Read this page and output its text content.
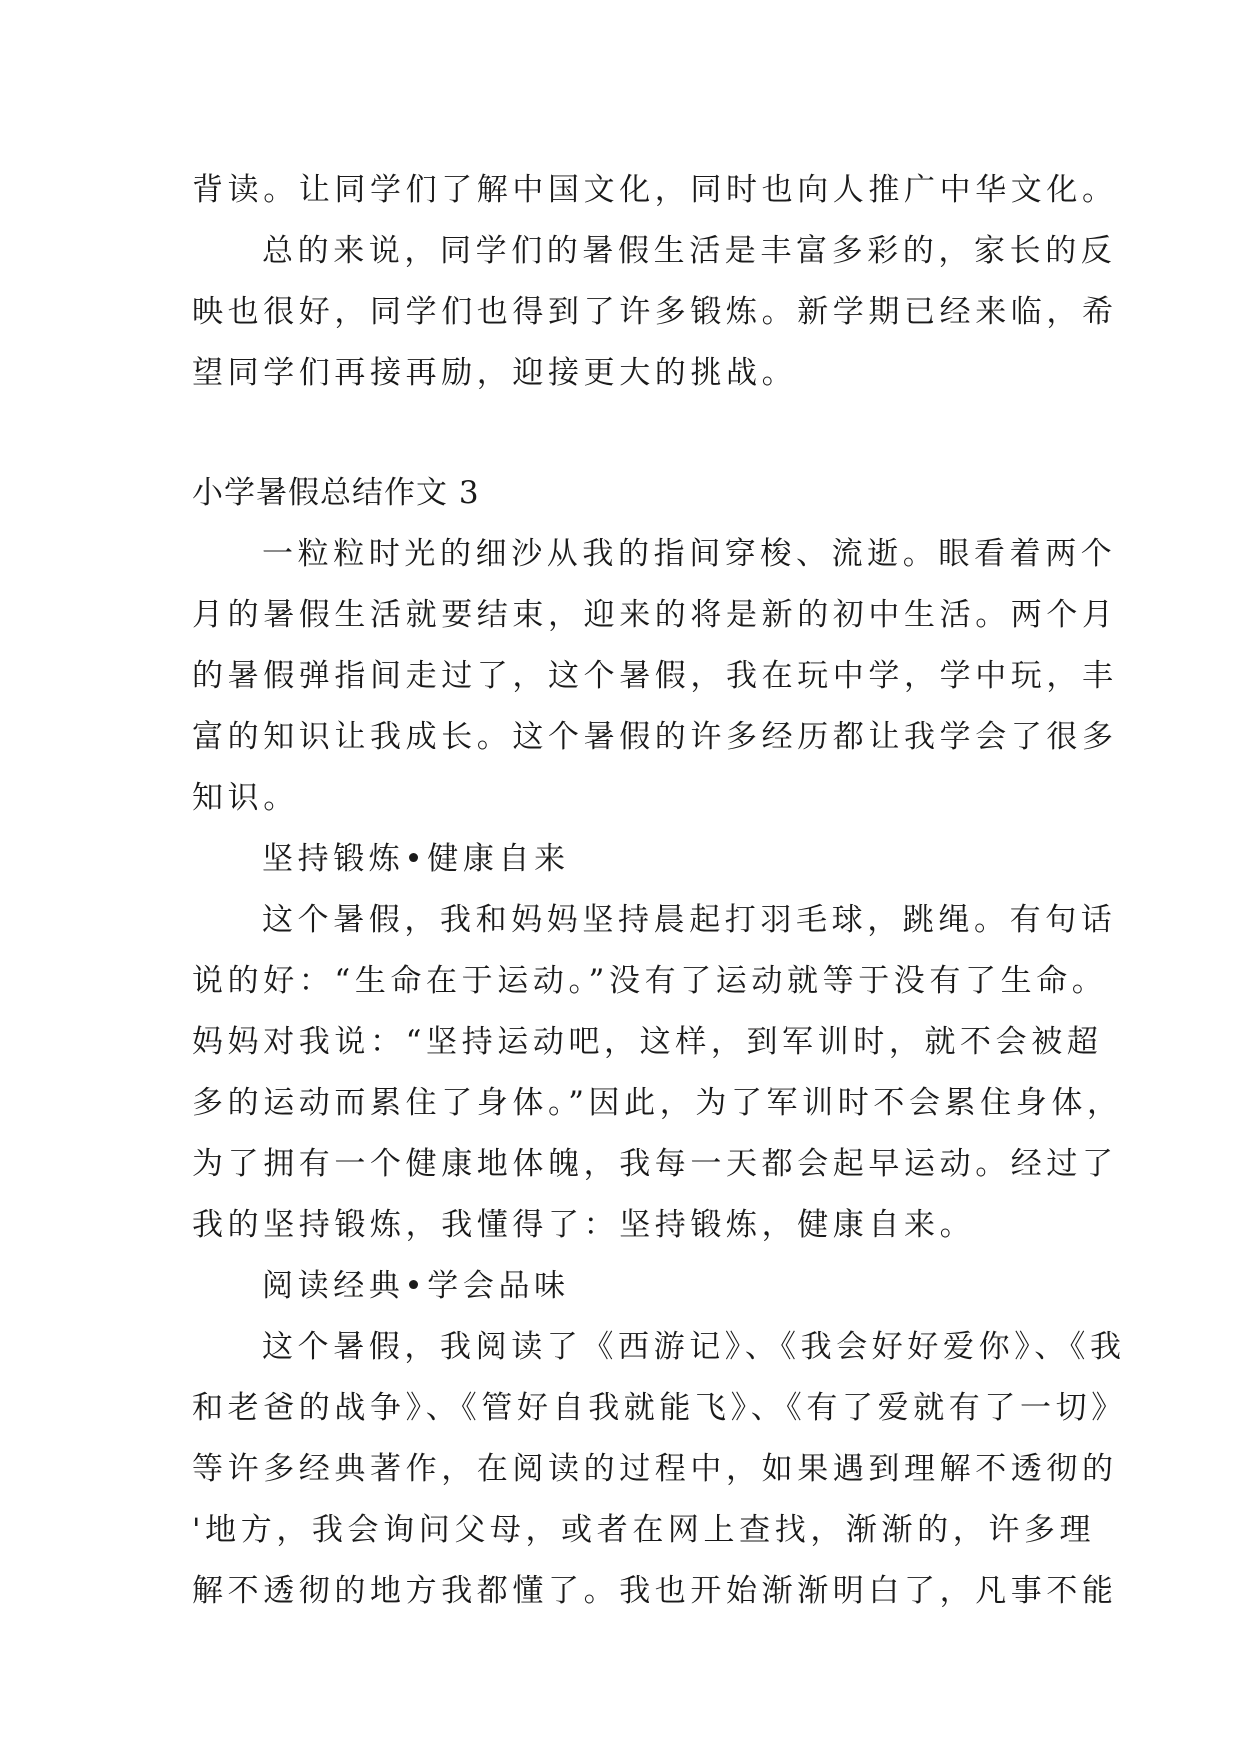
背读。让同学们了解中国文化，同时也向人推广中华文化。

总的来说，同学们的暑假生活是丰富多彩的，家长的反
映也很好，同学们也得到了许多锻炼。新学期已经来临，希
望同学们再接再励，迎接更大的挑战。

小学暑假总结作文 3

一粒粒时光的细沙从我的指间穿梭、流逝。眼看着两个
月的暑假生活就要结束，迎来的将是新的初中生活。两个月
的暑假弹指间走过了，这个暑假，我在玩中学，学中玩，丰
富的知识让我成长。这个暑假的许多经历都让我学会了很多
知识。

坚持锻炼•健康自来

这个暑假，我和妈妈坚持晨起打羽毛球，跳绳。有句话
说的好：“生命在于运动。”没有了运动就等于没有了生命。
妈妈对我说：“坚持运动吧，这样，到军训时，就不会被超
多的运动而累住了身体。”因此，为了军训时不会累住身体，
为了拥有一个健康地体魄，我每一天都会起早运动。经过了
我的坚持锻炼，我懂得了：坚持锻炼，健康自来。

阅读经典•学会品味

这个暑假，我阅读了《西游记》、《我会好好爱你》、《我
和老爸的战争》、《管好自我就能飞》、《有了爱就有了一切》
等许多经典著作，在阅读的过程中，如果遇到理解不透彻的
'地方，我会询问父母，或者在网上查找，渐渐的，许多理
解不透彻的地方我都懂了。我也开始渐渐明白了，凡事不能
